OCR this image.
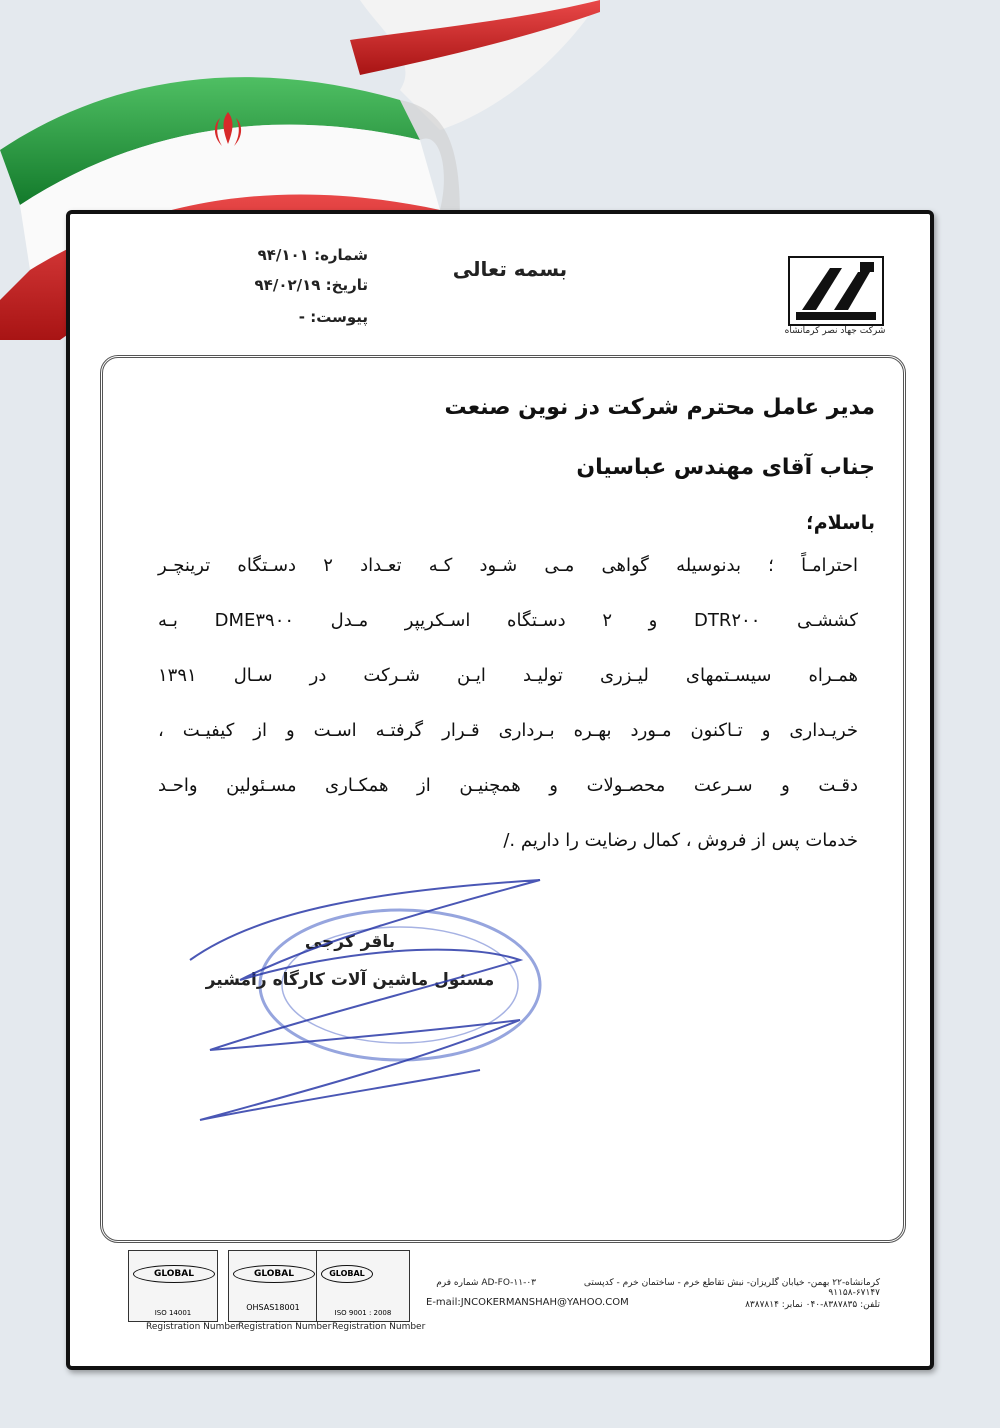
بسمه تعالی
شماره: ۹۴/۱۰۱
تاریخ: ۹۴/۰۲/۱۹
پیوست: -
شرکت جهاد نصر کرمانشاه
مدیر عامل محترم شرکت دز نوین صنعت
جناب آقای مهندس عباسیان
باسلام؛
احترامـاً ؛ بدنوسیله گواهی مـی شـود کـه تعـداد ۲ دسـتگاه ترینچـر
کششـی DTR۲۰۰ و ۲ دسـتگاه اسـکریپر مـدل DME۳۹۰۰ بـه
همـراه سیسـتمهای لیـزری تولیـد ایـن شـرکت در سـال ۱۳۹۱
خریـداری و تـاکنون مـورد بهـره بـرداری قـرار گرفتـه اسـت و از کیفیـت ،
دقـت و سـرعت محصـولات و همچنیـن از همکـاری مسـئولین واحـد
خدمات پس از فروش ، کمال رضایت را داریم ./
باقر کرجی
مسئول ماشین آلات کارگاه رامشیر
GLOBAL
ISO 14001
GLOBAL
OHSAS18001
GLOBAL
ISO 9001 : 2008
Registration Number
Registration Number Registration Number
AD-FO-۱۱-۰۳ شماره فرم	کرمانشاه-۲۲ بهمن- خیابان گلریزان- نبش تقاطع خرم - ساختمان خرم - کدپستی ۶۷۱۴۷-۹۱۱۵۸
E-mail:JNCOKERMANSHAH@YAHOO.COM	تلفن: ۸۳۸۷۸۳۵-۰۴۰ نمابر: ۸۳۸۷۸۱۴
